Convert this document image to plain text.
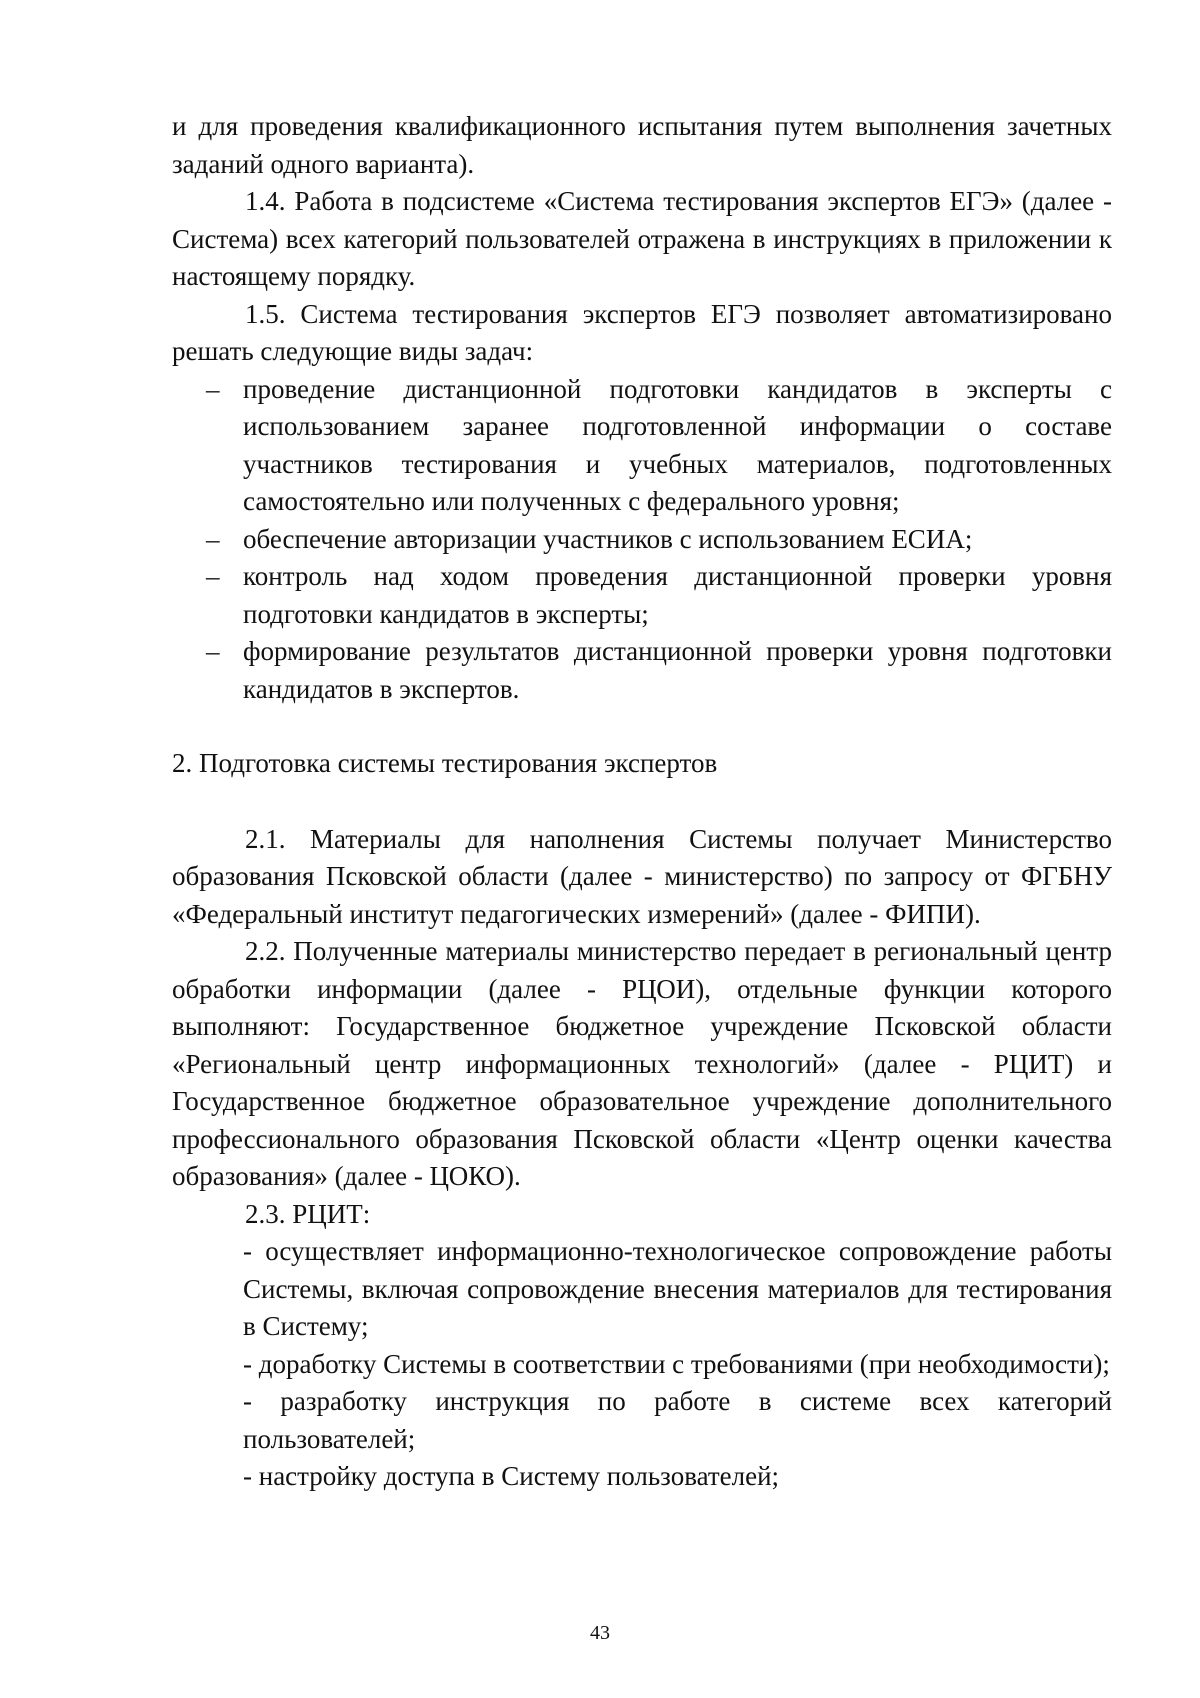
и для проведения квалификационного испытания путем выполнения зачетных заданий одного варианта).

1.4. Работа в подсистеме «Система тестирования экспертов ЕГЭ» (далее - Система) всех категорий пользователей отражена в инструкциях в приложении к настоящему порядку.

1.5. Система тестирования экспертов ЕГЭ позволяет автоматизировано решать следующие виды задач:

– проведение дистанционной подготовки кандидатов в эксперты с использованием заранее подготовленной информации о составе участников тестирования и учебных материалов, подготовленных самостоятельно или полученных с федерального уровня;
– обеспечение авторизации участников с использованием ЕСИА;
– контроль над ходом проведения дистанционной проверки уровня подготовки кандидатов в эксперты;
– формирование результатов дистанционной проверки уровня подготовки кандидатов в экспертов.

2. Подготовка системы тестирования экспертов

2.1. Материалы для наполнения Системы получает Министерство образования Псковской области (далее - министерство) по запросу от ФГБНУ «Федеральный институт педагогических измерений» (далее - ФИПИ).

2.2. Полученные материалы министерство передает в региональный центр обработки информации (далее - РЦОИ), отдельные функции которого выполняют: Государственное бюджетное учреждение Псковской области «Региональный центр информационных технологий» (далее - РЦИТ) и Государственное бюджетное образовательное учреждение дополнительного профессионального образования Псковской области «Центр оценки качества образования» (далее - ЦОКО).

2.3. РЦИТ:

- осуществляет информационно-технологическое сопровождение работы Системы, включая сопровождение внесения материалов для тестирования в Систему;
- доработку Системы в соответствии с требованиями (при необходимости);
- разработку инструкция по работе в системе всех категорий пользователей;
- настройку доступа в Систему пользователей;
43
